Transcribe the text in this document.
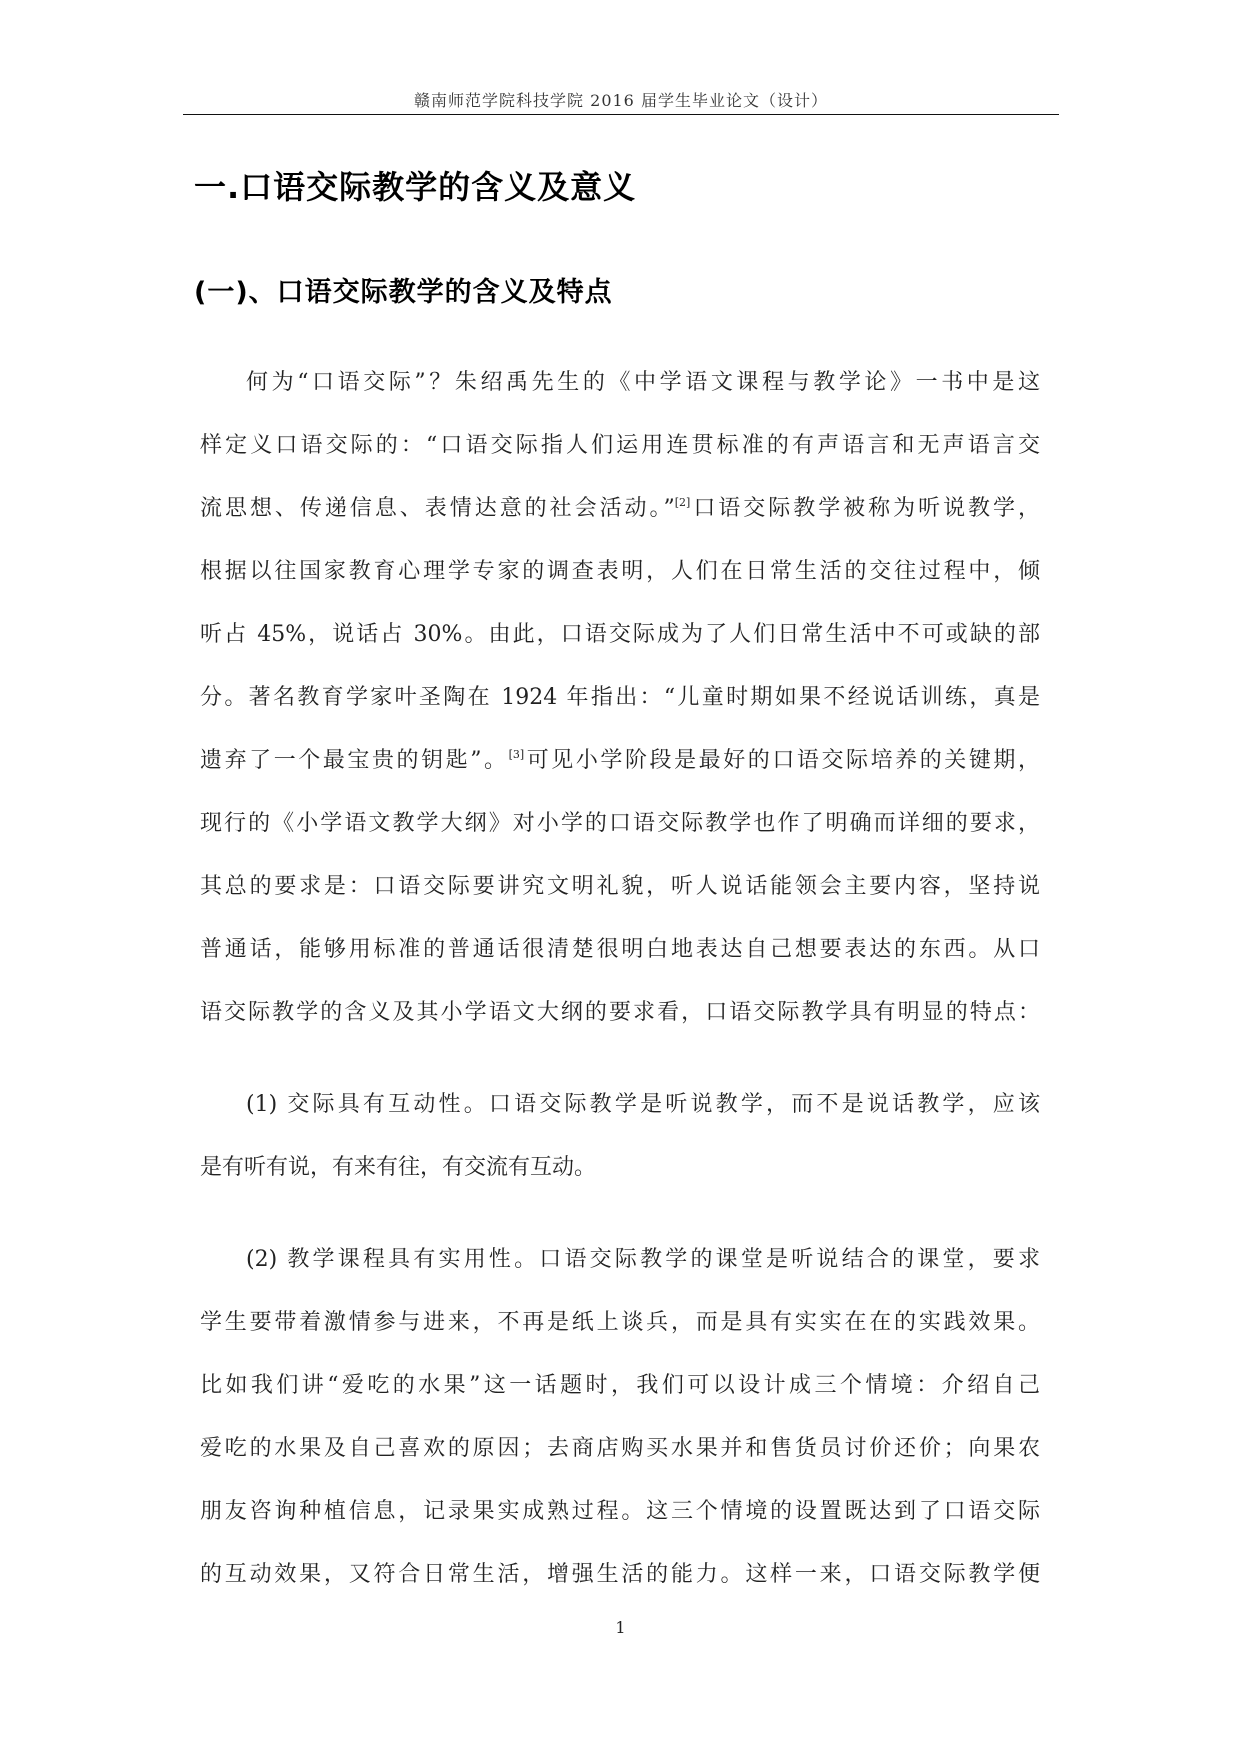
赣南师范学院科技学院 2016 届学生毕业论文（设计）
一.口语交际教学的含义及意义
(一)、口语交际教学的含义及特点
何为“口语交际”？朱绍禹先生的《中学语文课程与教学论》一书中是这
样定义口语交际的：“口语交际指人们运用连贯标准的有声语言和无声语言交
流思想、传递信息、表情达意的社会活动。”[2]口语交际教学被称为听说教学，
根据以往国家教育心理学专家的调查表明，人们在日常生活的交往过程中，倾
听占 45%，说话占 30%。由此，口语交际成为了人们日常生活中不可或缺的部
分。著名教育学家叶圣陶在 1924 年指出：“儿童时期如果不经说话训练，真是
遗弃了一个最宝贵的钥匙”。[3]可见小学阶段是最好的口语交际培养的关键期，
现行的《小学语文教学大纲》对小学的口语交际教学也作了明确而详细的要求，
其总的要求是：口语交际要讲究文明礼貌，听人说话能领会主要内容，坚持说
普通话，能够用标准的普通话很清楚很明白地表达自己想要表达的东西。从口
语交际教学的含义及其小学语文大纲的要求看，口语交际教学具有明显的特点：
(1) 交际具有互动性。口语交际教学是听说教学，而不是说话教学，应该
是有听有说，有来有往，有交流有互动。
(2) 教学课程具有实用性。口语交际教学的课堂是听说结合的课堂，要求
学生要带着激情参与进来，不再是纸上谈兵，而是具有实实在在的实践效果。
比如我们讲“爱吃的水果”这一话题时，我们可以设计成三个情境：介绍自己
爱吃的水果及自己喜欢的原因；去商店购买水果并和售货员讨价还价；向果农
朋友咨询种植信息，记录果实成熟过程。这三个情境的设置既达到了口语交际
的互动效果，又符合日常生活，增强生活的能力。这样一来，口语交际教学便
1
